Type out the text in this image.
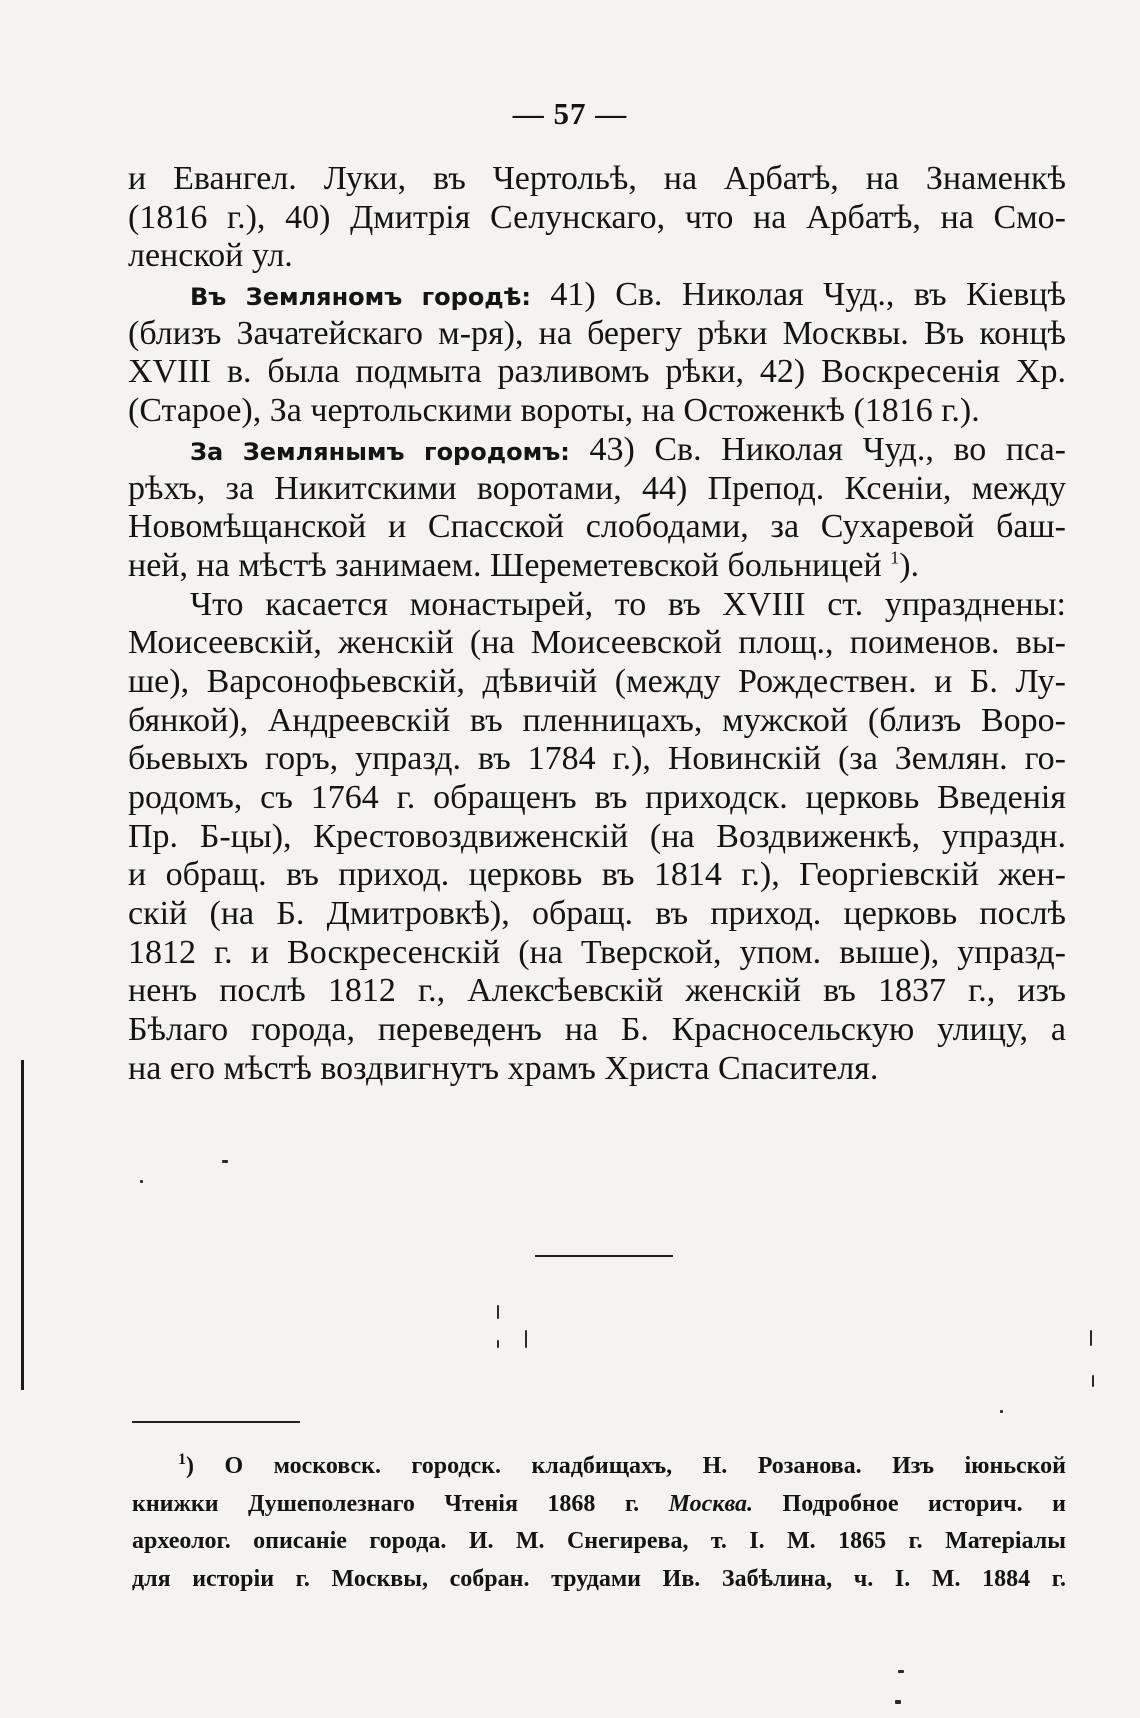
— 57 —
и Евангел. Луки, въ Чертольѣ, на Арбатѣ, на Знаменкѣ
(1816 г.), 40) Дмитрія Селунскаго, что на Арбатѣ, на Смо-
ленской ул.
Въ Земляномъ городѣ: 41) Св. Николая Чуд., въ Кіевцѣ
(близъ Зачатейскаго м-ря), на берегу рѣки Москвы. Въ концѣ
XVIII в. была подмыта разливомъ рѣки, 42) Воскресенія Хр.
(Старое), За чертольскими вороты, на Остоженкѣ (1816 г.).
За Землянымъ городомъ: 43) Св. Николая Чуд., во пса-
рѣхъ, за Никитскими воротами, 44) Препод. Ксеніи, между
Новомѣщанской и Спасской слободами, за Сухаревой баш-
ней, на мѣстѣ занимаем. Шереметевской больницей $^1$).
Что касается монастырей, то въ XVIII ст. упразднены:
Моисеевскій, женскій (на Моисеевской площ., поименов. вы-
ше), Варсонофьевскій, дѣвичій (между Рождествен. и Б. Лу-
бянкой), Андреевскій въ пленницахъ, мужской (близъ Воро-
бьевыхъ горъ, упразд. въ 1784 г.), Новинскій (за Землян. го-
родомъ, съ 1764 г. обращенъ въ приходск. церковь Введенія
Пр. Б-цы), Крестовоздвиженскій (на Воздвиженкѣ, упраздн.
и обращ. въ приход. церковь въ 1814 г.), Георгіевскій жен-
скій (на Б. Дмитровкѣ), обращ. въ приход. церковь послѣ
1812 г. и Воскресенскій (на Тверской, упом. выше), упразд-
ненъ послѣ 1812 г., Алексѣевскій женскій въ 1837 г., изъ
Бѣлаго города, переведенъ на Б. Красносельскую улицу, а
на его мѣстѣ воздвигнутъ храмъ Христа Спасителя.
$^1$) О московск. городск. кладбищахъ, Н. Розанова. Изъ іюньской
книжки Душеполезнаго Чтенія 1868 г. Москва. Подробное историч. и
археолог. описаніе города. И. М. Снегирева, т. I. М. 1865 г. Матеріалы
для исторіи г. Москвы, собран. трудами Ив. Забѣлина, ч. I. М. 1884 г.
